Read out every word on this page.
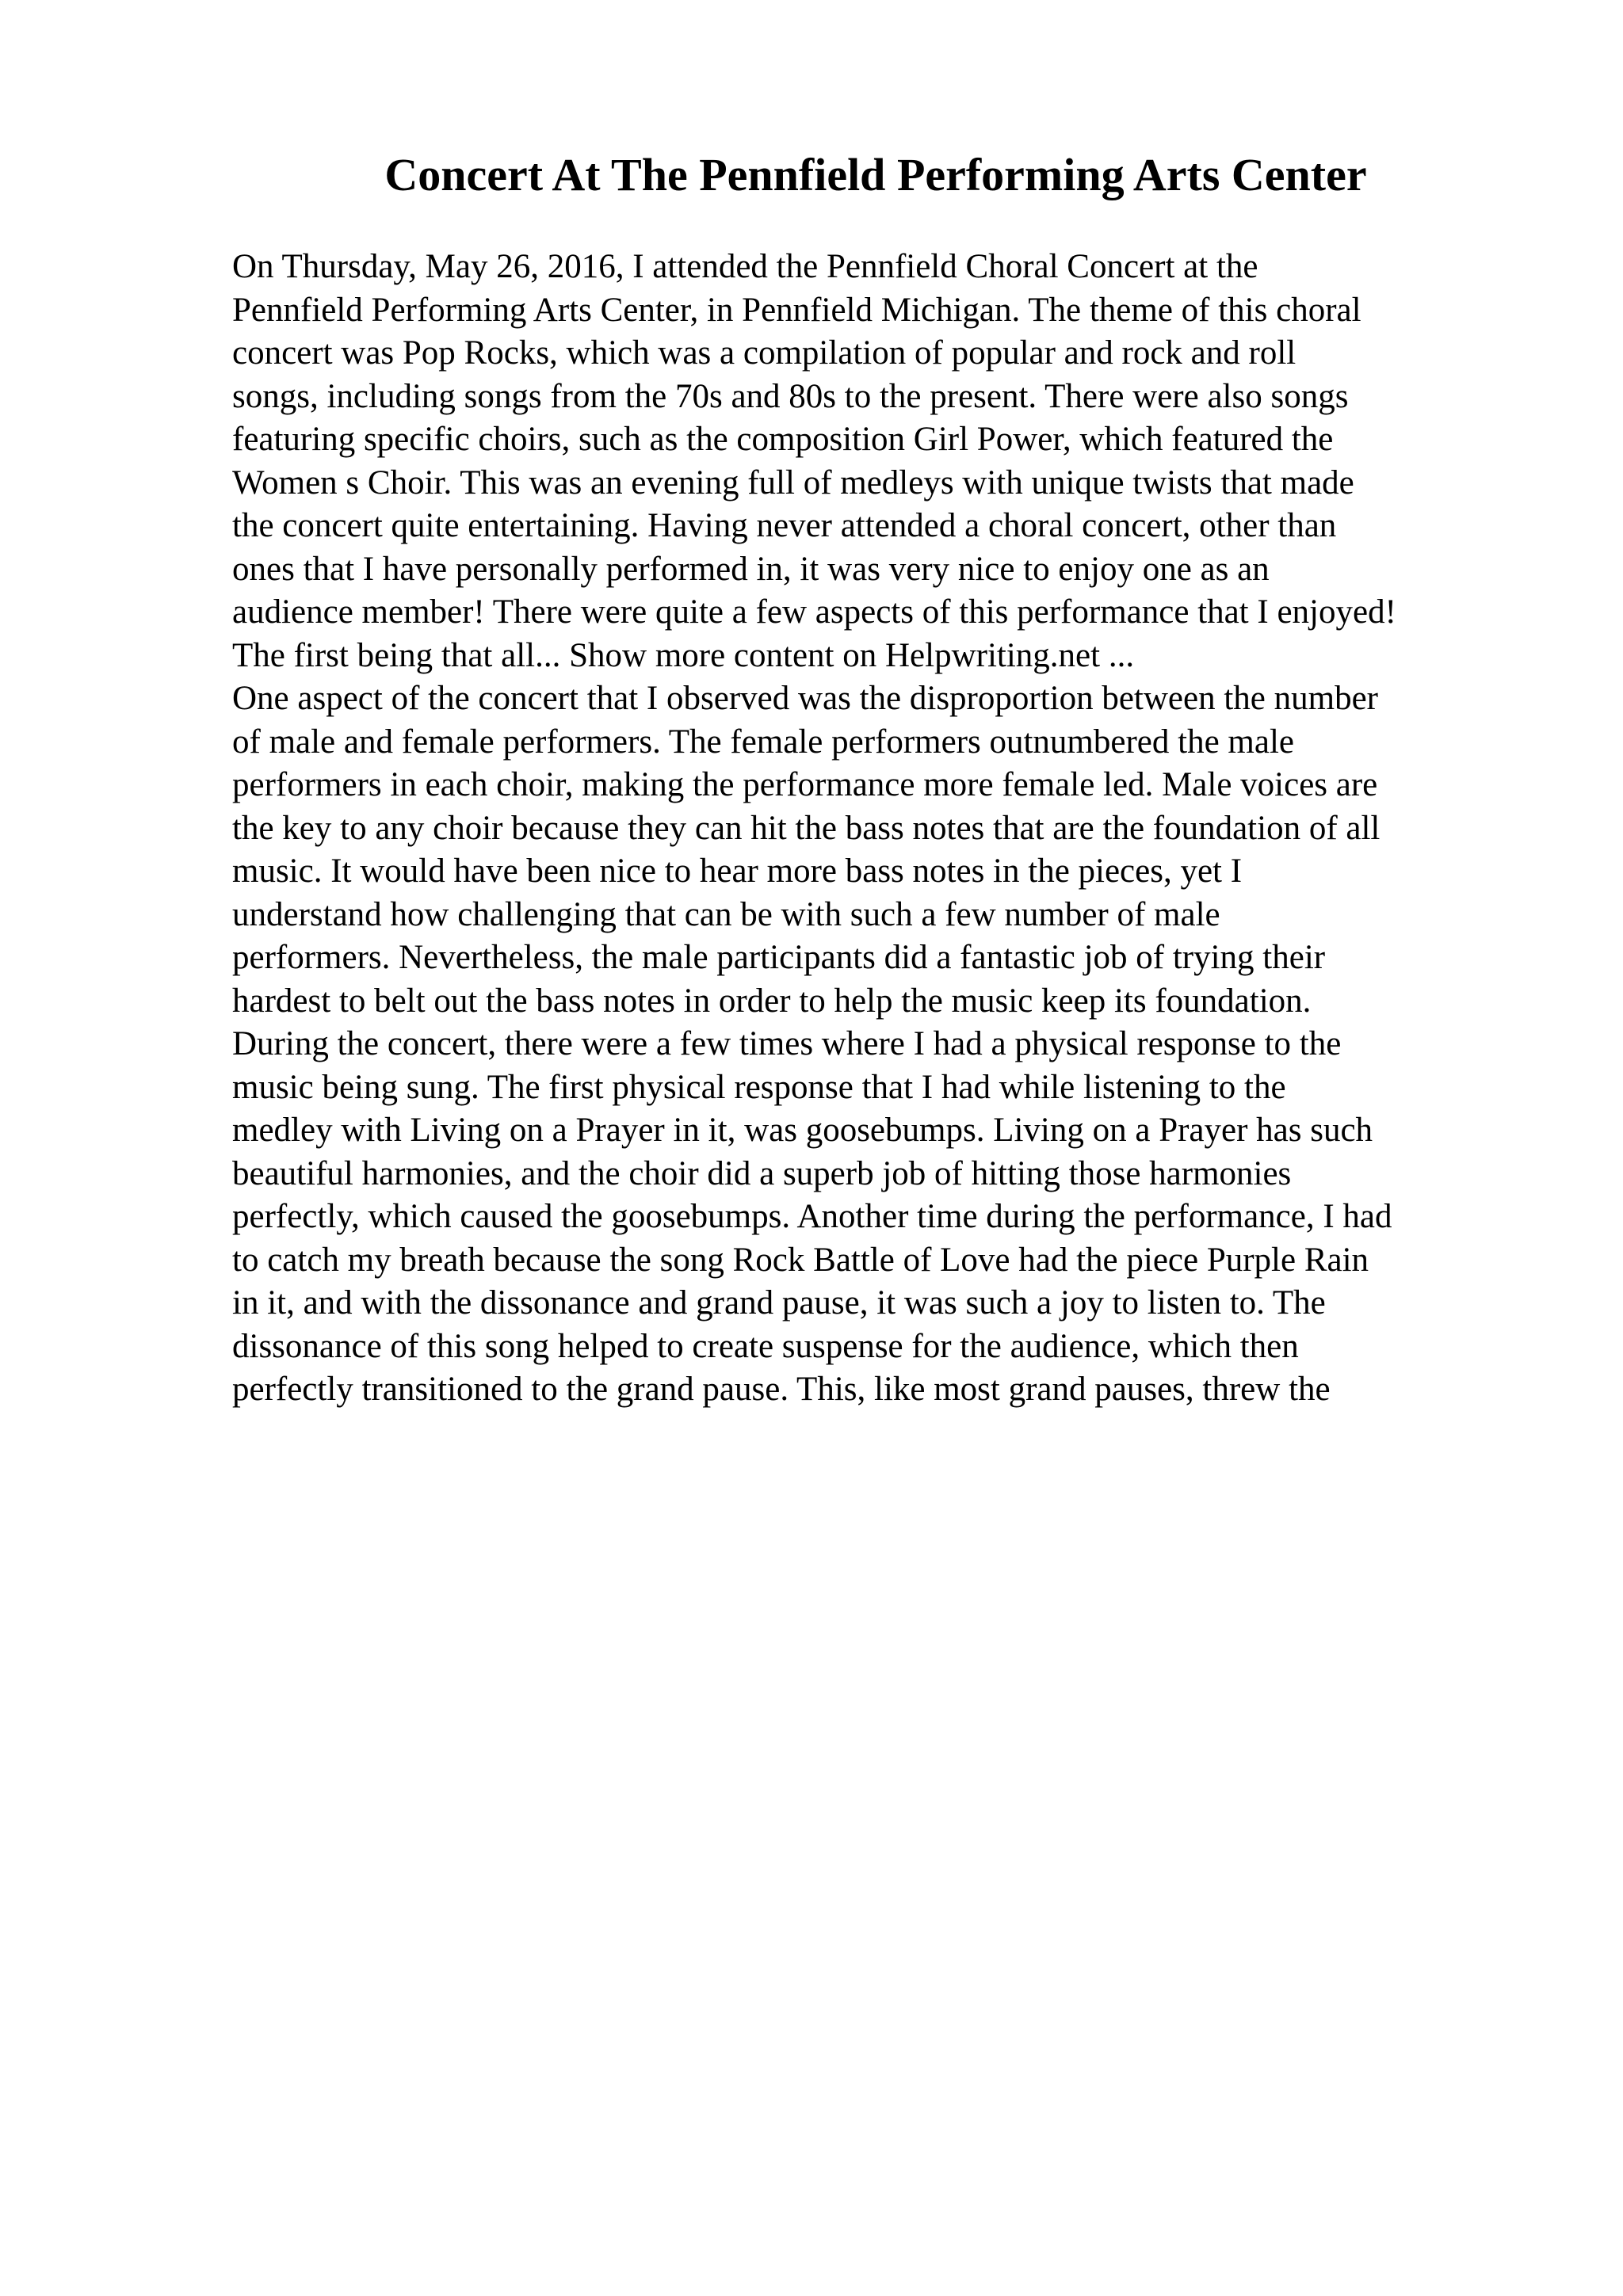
Concert At The Pennfield Performing Arts Center

On Thursday, May 26, 2016, I attended the Pennfield Choral Concert at the

Pennfield Performing Arts Center, in Pennfield Michigan. The theme of this choral

concert was Pop Rocks, which was a compilation of popular and rock and roll

songs, including songs from the 70s and 80s to the present. There were also songs

featuring specific choirs, such as the composition Girl Power, which featured the

Women s Choir. This was an evening full of medleys with unique twists that made

the concert quite entertaining. Having never attended a choral concert, other than

ones that I have personally performed in, it was very nice to enjoy one as an

audience member! There were quite a few aspects of this performance that I enjoyed!

The first being that all... Show more content on Helpwriting.net ...

One aspect of the concert that I observed was the disproportion between the number

of male and female performers. The female performers outnumbered the male

performers in each choir, making the performance more female led. Male voices are

the key to any choir because they can hit the bass notes that are the foundation of all

music. It would have been nice to hear more bass notes in the pieces, yet I

understand how challenging that can be with such a few number of male

performers. Nevertheless, the male participants did a fantastic job of trying their

hardest to belt out the bass notes in order to help the music keep its foundation.

During the concert, there were a few times where I had a physical response to the

music being sung. The first physical response that I had while listening to the

medley with Living on a Prayer in it, was goosebumps. Living on a Prayer has such

beautiful harmonies, and the choir did a superb job of hitting those harmonies

perfectly, which caused the goosebumps. Another time during the performance, I had

to catch my breath because the song Rock Battle of Love had the piece Purple Rain

in it, and with the dissonance and grand pause, it was such a joy to listen to. The

dissonance of this song helped to create suspense for the audience, which then

perfectly transitioned to the grand pause. This, like most grand pauses, threw the
